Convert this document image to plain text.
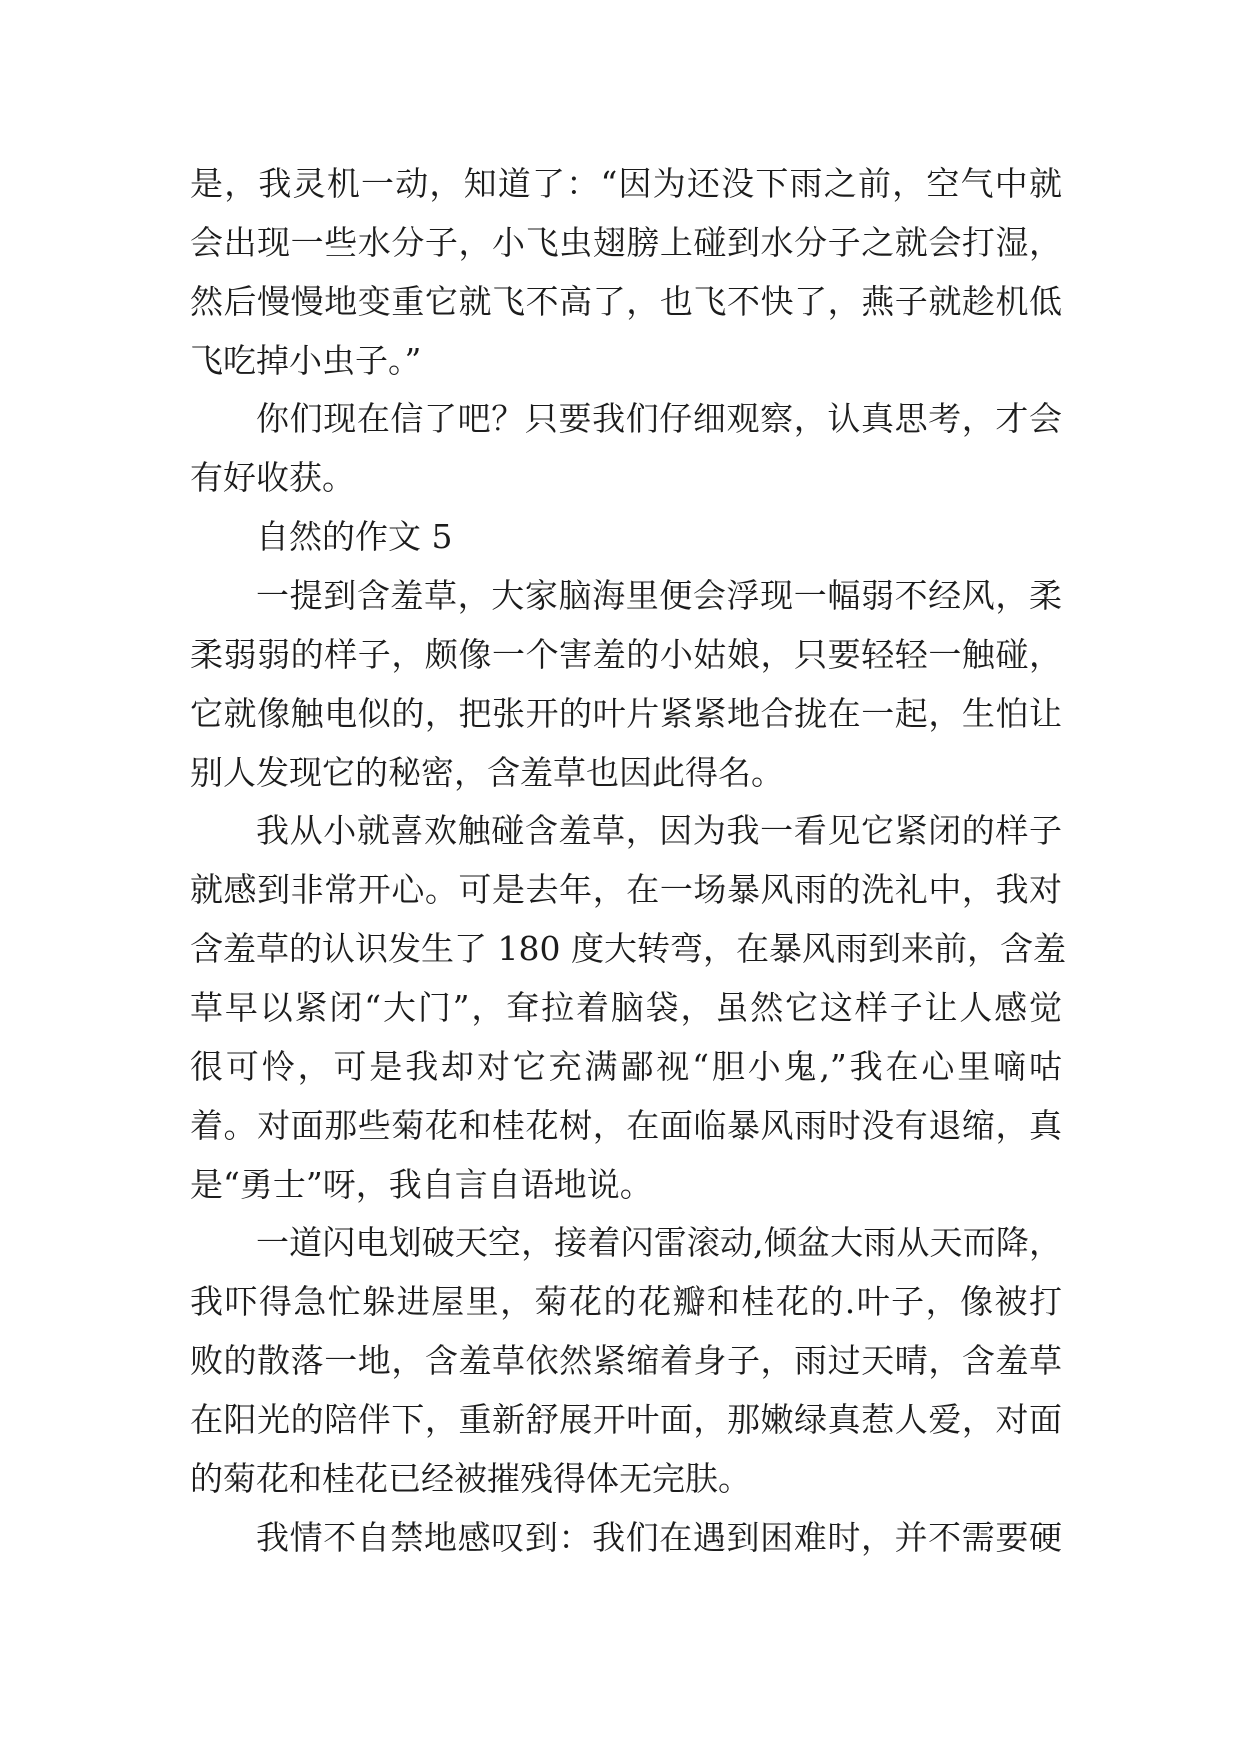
是，我灵机一动，知道了：“因为还没下雨之前，空气中就
会出现一些水分子，小飞虫翅膀上碰到水分子之就会打湿，
然后慢慢地变重它就飞不高了，也飞不快了，燕子就趁机低
飞吃掉小虫子。”
你们现在信了吧？只要我们仔细观察，认真思考，才会
有好收获。
自然的作文 5
一提到含羞草，大家脑海里便会浮现一幅弱不经风，柔
柔弱弱的样子，颇像一个害羞的小姑娘，只要轻轻一触碰，
它就像触电似的，把张开的叶片紧紧地合拢在一起，生怕让
别人发现它的秘密，含羞草也因此得名。
我从小就喜欢触碰含羞草，因为我一看见它紧闭的样子
就感到非常开心。可是去年，在一场暴风雨的洗礼中，我对
含羞草的认识发生了 180 度大转弯，在暴风雨到来前，含羞
草早以紧闭“大门”，耷拉着脑袋，虽然它这样子让人感觉
很可怜，可是我却对它充满鄙视“胆小鬼,”我在心里嘀咕
着。对面那些菊花和桂花树，在面临暴风雨时没有退缩，真
是“勇士”呀，我自言自语地说。
一道闪电划破天空，接着闪雷滚动,倾盆大雨从天而降，
我吓得急忙躲进屋里，菊花的花瓣和桂花的.叶子，像被打
败的散落一地，含羞草依然紧缩着身子，雨过天晴，含羞草
在阳光的陪伴下，重新舒展开叶面，那嫩绿真惹人爱，对面
的菊花和桂花已经被摧残得体无完肤。
我情不自禁地感叹到：我们在遇到困难时，并不需要硬
